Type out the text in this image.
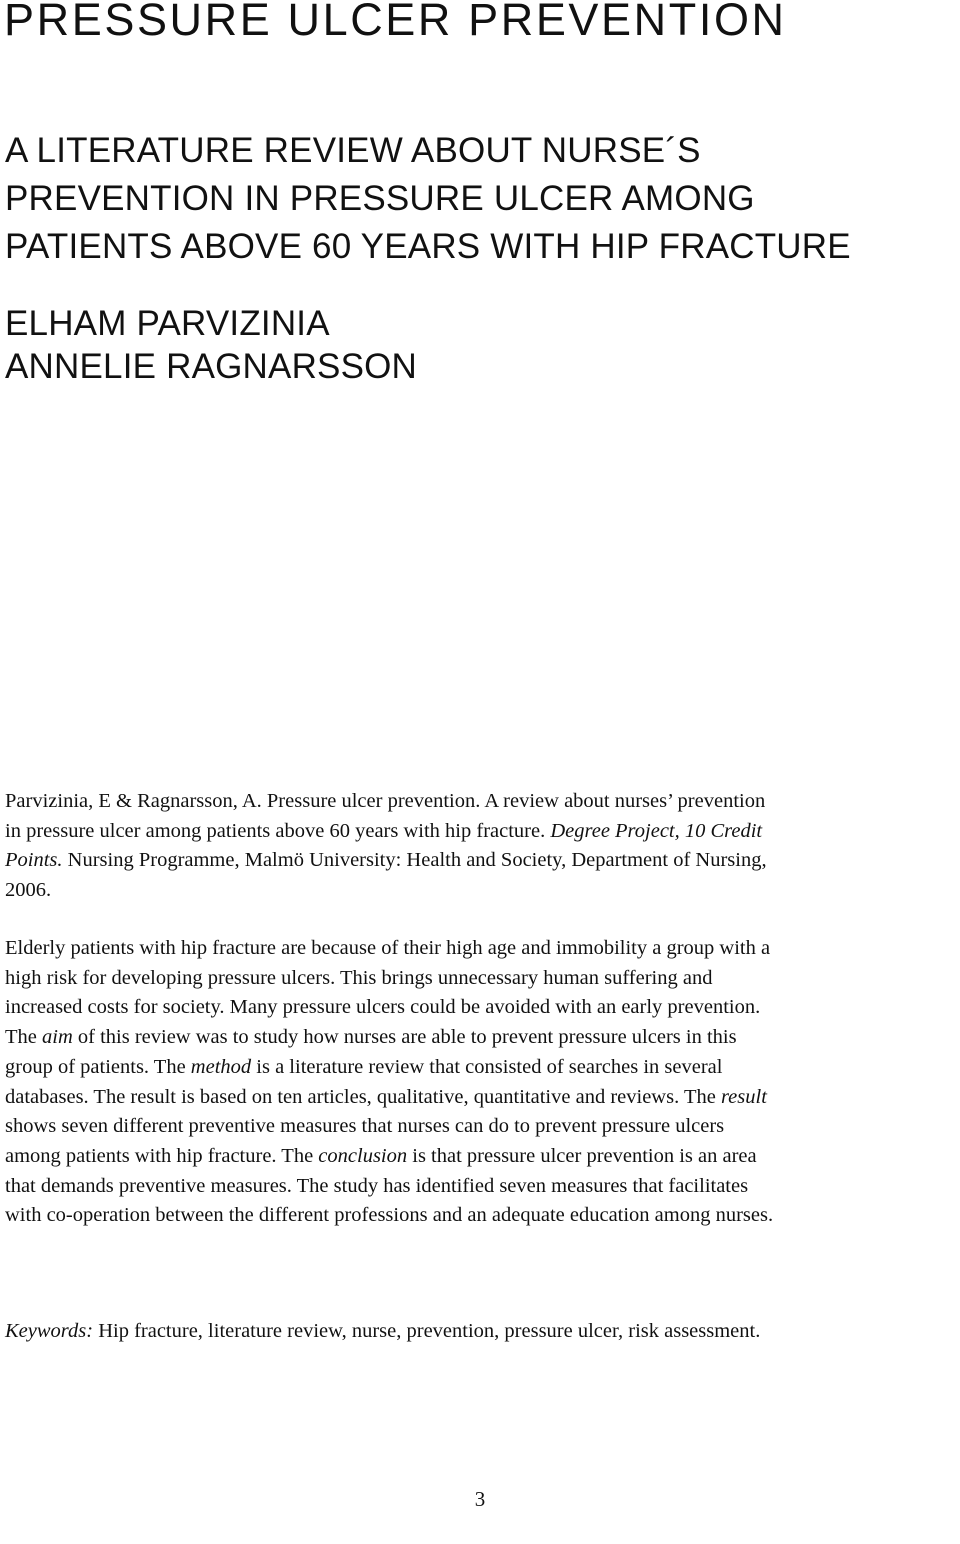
PRESSURE ULCER PREVENTION
A LITERATURE REVIEW ABOUT NURSE´S
PREVENTION IN PRESSURE ULCER AMONG
PATIENTS ABOVE 60 YEARS WITH HIP FRACTURE
ELHAM PARVIZINIA
ANNELIE RAGNARSSON
Parvizinia, E & Ragnarsson, A. Pressure ulcer prevention. A review about nurses’ prevention
in pressure ulcer among patients above 60 years with hip fracture. Degree Project, 10 Credit
Points. Nursing Programme, Malmö University: Health and Society, Department of Nursing,
2006.
Elderly patients with hip fracture are because of their high age and immobility a group with a
high risk for developing pressure ulcers. This brings unnecessary human suffering and
increased costs for society. Many pressure ulcers could be avoided with an early prevention.
The aim of this review was to study how nurses are able to prevent pressure ulcers in this
group of patients. The method is a literature review that consisted of searches in several
databases. The result is based on ten articles, qualitative, quantitative and reviews. The result
shows seven different preventive measures that nurses can do to prevent pressure ulcers
among patients with hip fracture. The conclusion is that pressure ulcer prevention is an area
that demands preventive measures. The study has identified seven measures that facilitates
with co-operation between the different professions and an adequate education among nurses.
Keywords: Hip fracture, literature review, nurse, prevention, pressure ulcer, risk assessment.
3
